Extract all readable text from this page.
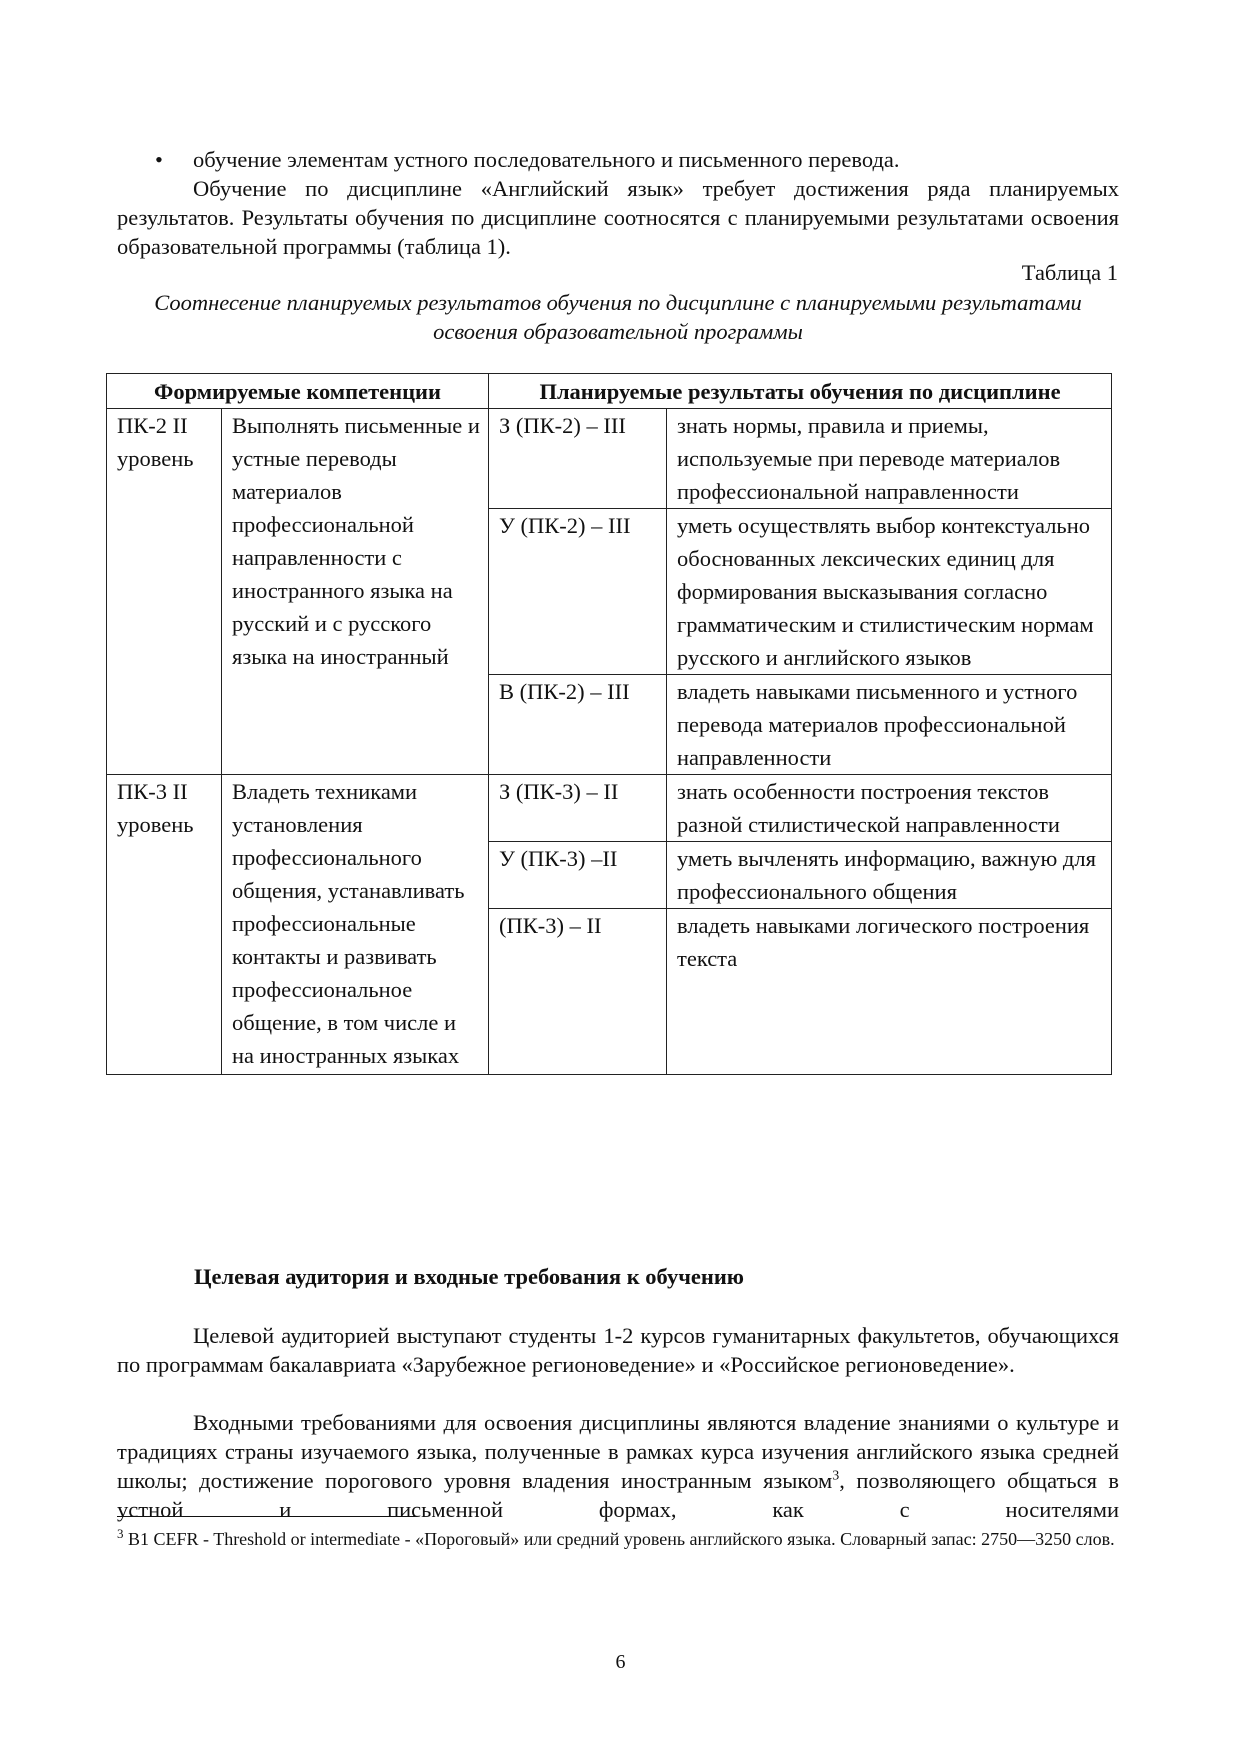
•	обучение элементам устного последовательного и письменного перевода.
Обучение по дисциплине «Английский язык» требует достижения ряда планируемых результатов. Результаты обучения по дисциплине соотносятся с планируемыми результатами освоения образовательной программы (таблица 1).
Таблица 1
Соотнесение планируемых результатов обучения по дисциплине с планируемыми результатами освоения образовательной программы
Формируемые компетенции		Планируемые результаты обучения по дисциплине	
ПК-2 II уровень	Выполнять письменные и устные переводы материалов профессиональной направленности с иностранного языка на русский и с русского языка на иностранный	З (ПК-2) – III	знать нормы, правила и приемы, используемые при переводе материалов профессиональной направленности
		У (ПК-2) – III	уметь осуществлять выбор контекстуально обоснованных лексических единиц для формирования высказывания согласно грамматическим и стилистическим нормам русского и английского языков
		В (ПК-2) – III	владеть навыками письменного и устного перевода материалов профессиональной направленности
ПК-3 II уровень	Владеть техниками установления профессионального общения, устанавливать профессиональные контакты и развивать профессиональное общение, в том числе и на иностранных языках	З (ПК-3) – II	знать особенности построения текстов разной стилистической направленности
		У (ПК-3) –II	уметь вычленять информацию, важную для профессионального общения
		(ПК-3) – II	владеть навыками логического построения текста
Целевая аудитория и входные требования к обучению
Целевой аудиторией выступают студенты 1-2 курсов гуманитарных факультетов, обучающихся по программам бакалавриата «Зарубежное регионоведение» и «Российское регионоведение».
Входными требованиями для освоения дисциплины являются владение знаниями о культуре и традициях страны изучаемого языка, полученные в рамках курса изучения английского языка средней школы; достижение порогового уровня владения иностранным языком$^3$, позволяющего общаться в устной и письменной формах, как с носителями
$^3$ B1 CEFR - Threshold or intermediate - «Пороговый» или средний уровень английского языка. Словарный запас: 2750—3250 слов.
6
